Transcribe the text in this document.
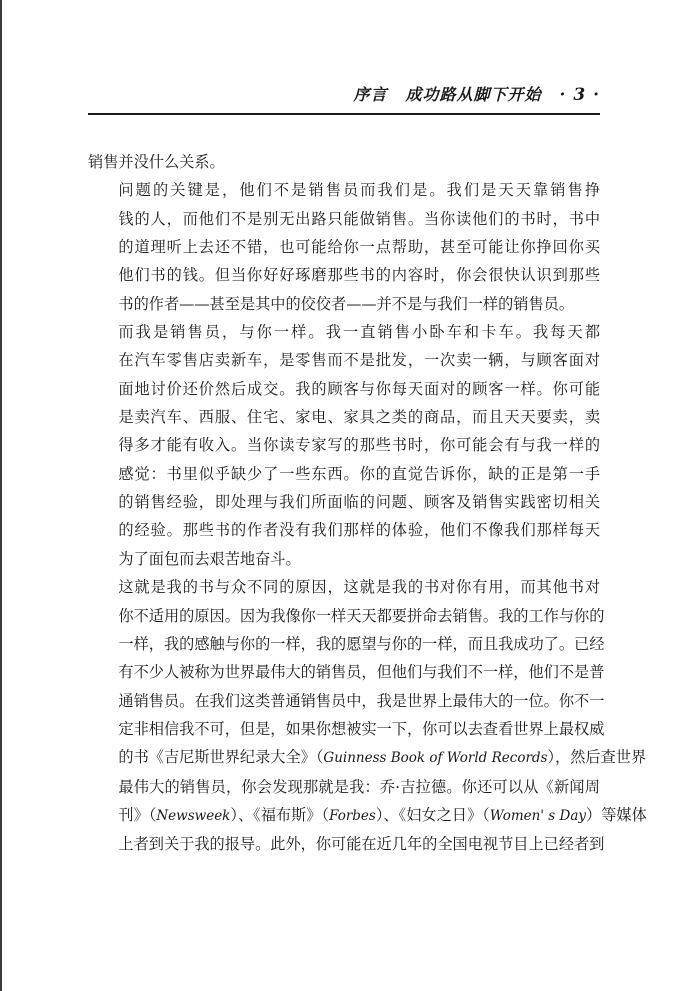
序言 成功路从脚下开始 · 3 ·

销售并没什么关系。

问题的关键是，他们不是销售员而我们是。我们是天天靠销售挣
钱的人，而他们不是别无出路只能做销售。当你读他们的书时，书中
的道理听上去还不错，也可能给你一点帮助，甚至可能让你挣回你买
他们书的钱。但当你好好琢磨那些书的内容时，你会很快认识到那些
书的作者——甚至是其中的佼佼者——并不是与我们一样的销售员。

而我是销售员，与你一样。我一直销售小卧车和卡车。我每天都
在汽车零售店卖新车，是零售而不是批发，一次卖一辆，与顾客面对
面地讨价还价然后成交。我的顾客与你每天面对的顾客一样。你可能
是卖汽车、西服、住宅、家电、家具之类的商品，而且天天要卖，卖
得多才能有收入。当你读专家写的那些书时，你可能会有与我一样的
感觉：书里似乎缺少了一些东西。你的直觉告诉你，缺的正是第一手
的销售经验，即处理与我们所面临的问题、顾客及销售实践密切相关
的经验。那些书的作者没有我们那样的体验，他们不像我们那样每天
为了面包而去艰苦地奋斗。

这就是我的书与众不同的原因，这就是我的书对你有用，而其他书对
你不适用的原因。因为我像你一样天天都要拼命去销售。我的工作与你的
一样，我的感触与你的一样，我的愿望与你的一样，而且我成功了。已经
有不少人被称为世界最伟大的销售员，但他们与我们不一样，他们不是普
通销售员。在我们这类普通销售员中，我是世界上最伟大的一位。你不一
定非相信我不可，但是，如果你想被实一下，你可以去查看世界上最权威
的书《吉尼斯世界纪录大全》（Guinness Book of World Records），然后查世界
最伟大的销售员，你会发现那就是我：乔·吉拉德。你还可以从《新闻周
刊》（Newsweek）、《福布斯》（Forbes）、《妇女之日》（Women' s Day）等媒体
上者到关于我的报导。此外，你可能在近几年的全国电视节目上已经者到
